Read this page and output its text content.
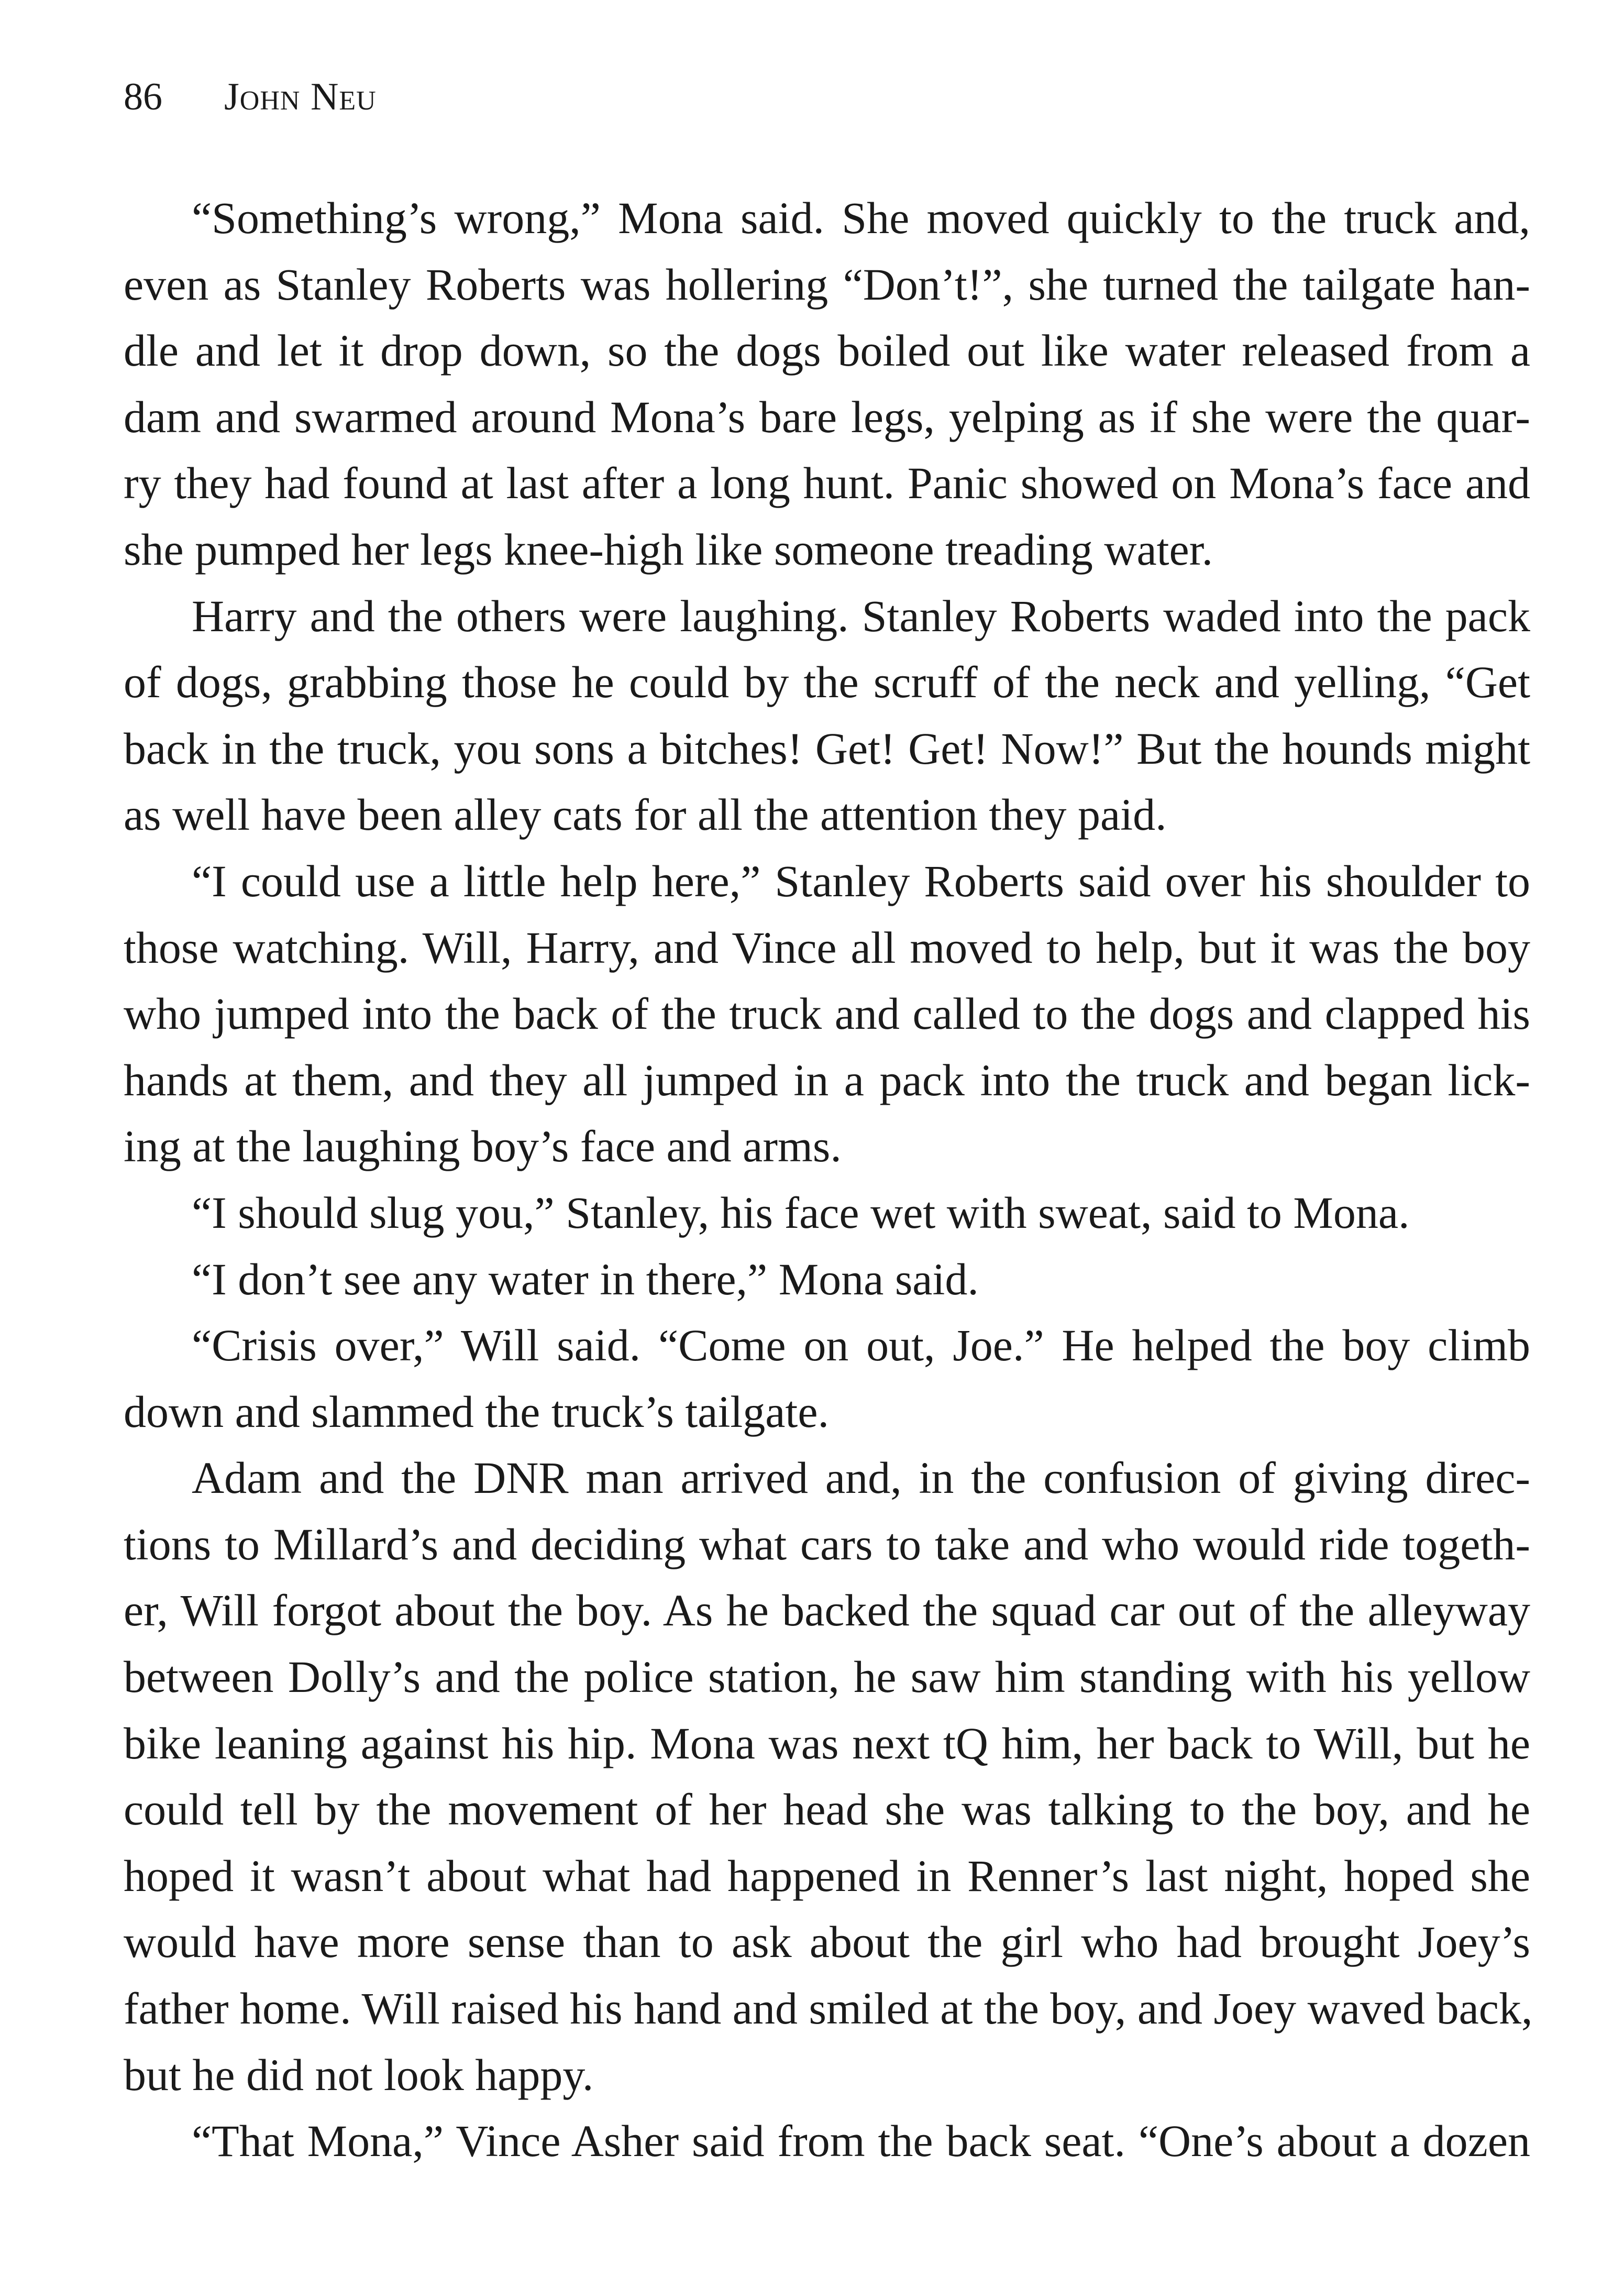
86 John Neu
“Something’s wrong,” Mona said. She moved quickly to the truck and,
even as Stanley Roberts was hollering “Don’t!”, she turned the tailgate han-
dle and let it drop down, so the dogs boiled out like water released from a
dam and swarmed around Mona’s bare legs, yelping as if she were the quar-
ry they had found at last after a long hunt. Panic showed on Mona’s face and
she pumped her legs knee-high like someone treading water.
Harry and the others were laughing. Stanley Roberts waded into the pack
of dogs, grabbing those he could by the scruff of the neck and yelling, “Get
back in the truck, you sons a bitches! Get! Get! Now!” But the hounds might
as well have been alley cats for all the attention they paid.
“I could use a little help here,” Stanley Roberts said over his shoulder to
those watching. Will, Harry, and Vince all moved to help, but it was the boy
who jumped into the back of the truck and called to the dogs and clapped his
hands at them, and they all jumped in a pack into the truck and began lick-
ing at the laughing boy’s face and arms.
“I should slug you,” Stanley, his face wet with sweat, said to Mona.
“I don’t see any water in there,” Mona said.
“Crisis over,” Will said. “Come on out, Joe.” He helped the boy climb
down and slammed the truck’s tailgate.
Adam and the DNR man arrived and, in the confusion of giving direc-
tions to Millard’s and deciding what cars to take and who would ride togeth-
er, Will forgot about the boy. As he backed the squad car out of the alleyway
between Dolly’s and the police station, he saw him standing with his yellow
bike leaning against his hip. Mona was next tQ him, her back to Will, but he
could tell by the movement of her head she was talking to the boy, and he
hoped it wasn’t about what had happened in Renner’s last night, hoped she
would have more sense than to ask about the girl who had brought Joey’s
father home. Will raised his hand and smiled at the boy, and Joey waved back,
but he did not look happy.
“That Mona,” Vince Asher said from the back seat. “One’s about a dozen
